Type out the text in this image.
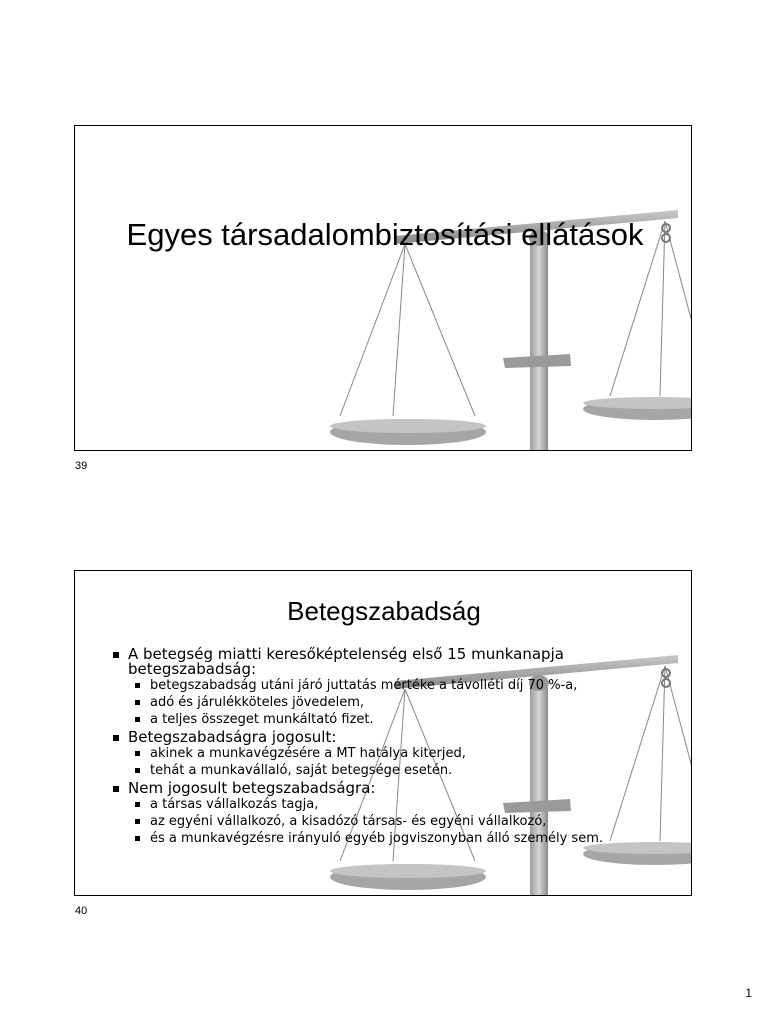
Egyes társadalombiztosítási ellátások
39
Betegszabadság
A betegség miatti keresőképtelenség első 15 munkanapja betegszabadság:
betegszabadság utáni járó juttatás mértéke a távolléti díj 70 %-a,
adó és járulékköteles jövedelem,
a teljes összeget munkáltató fizet.
Betegszabadságra jogosult:
akinek a munkavégzésére a MT hatálya kiterjed,
tehát a munkavállaló, saját betegsége esetén.
Nem jogosult betegszabadságra:
a társas vállalkozás tagja,
az egyéni vállalkozó, a kisadózó társas- és egyéni vállalkozó,
és a munkavégzésre irányuló egyéb jogviszonyban álló személy sem.
40
1
